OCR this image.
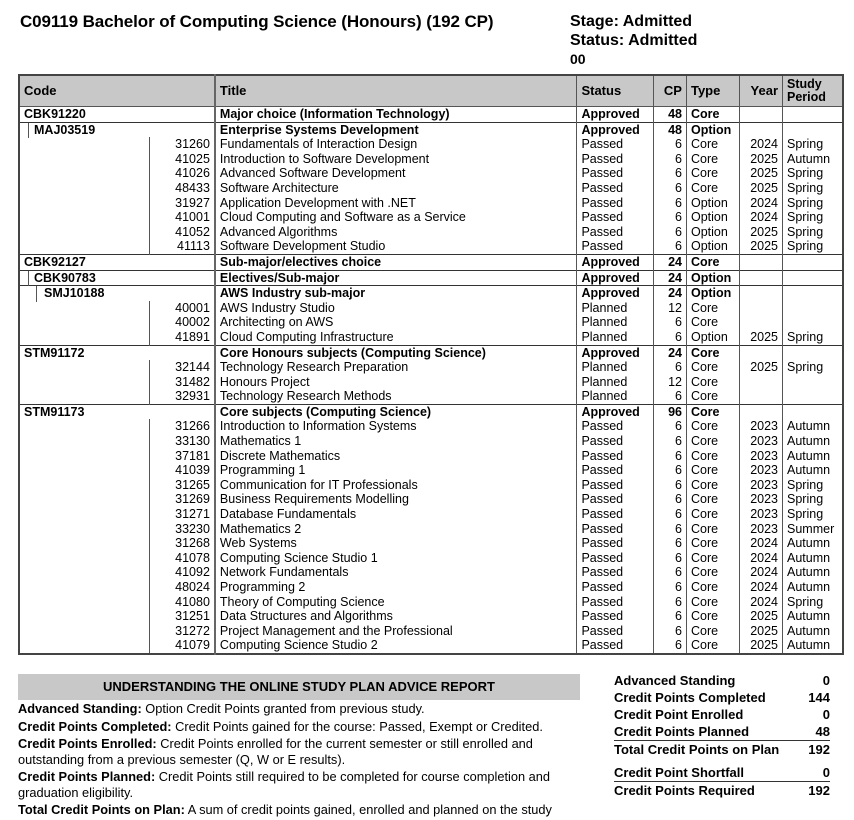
C09119 Bachelor of Computing Science (Honours) (192 CP)	Stage: Admitted
Status: Admitted
00
Code		Title	Status	CP	Type	Year	Study Period
CBK91220		Major choice (Information Technology)	Approved	48	Core		
MAJ03519		Enterprise Systems Development	Approved	48	Option		
	31260	Fundamentals of Interaction Design	Passed	6	Core	2024	Spring
	41025	Introduction to Software Development	Passed	6	Core	2025	Autumn
	41026	Advanced Software Development	Passed	6	Core	2025	Spring
	48433	Software Architecture	Passed	6	Core	2025	Spring
	31927	Application Development with .NET	Passed	6	Option	2024	Spring
	41001	Cloud Computing and Software as a Service	Passed	6	Option	2024	Spring
	41052	Advanced Algorithms	Passed	6	Option	2025	Spring
	41113	Software Development Studio	Passed	6	Option	2025	Spring
CBK92127		Sub-major/electives choice	Approved	24	Core		
CBK90783		Electives/Sub-major	Approved	24	Option		
SMJ10188		AWS Industry sub-major	Approved	24	Option		
	40001	AWS Industry Studio	Planned	12	Core		
	40002	Architecting on AWS	Planned	6	Core		
	41891	Cloud Computing Infrastructure	Planned	6	Option	2025	Spring
STM91172		Core Honours subjects (Computing Science)	Approved	24	Core		
	32144	Technology Research Preparation	Planned	6	Core	2025	Spring
	31482	Honours Project	Planned	12	Core		
	32931	Technology Research Methods	Planned	6	Core		
STM91173		Core subjects (Computing Science)	Approved	96	Core		
	31266	Introduction to Information Systems	Passed	6	Core	2023	Autumn
	33130	Mathematics 1	Passed	6	Core	2023	Autumn
	37181	Discrete Mathematics	Passed	6	Core	2023	Autumn
	41039	Programming 1	Passed	6	Core	2023	Autumn
	31265	Communication for IT Professionals	Passed	6	Core	2023	Spring
	31269	Business Requirements Modelling	Passed	6	Core	2023	Spring
	31271	Database Fundamentals	Passed	6	Core	2023	Spring
	33230	Mathematics 2	Passed	6	Core	2023	Summer
	31268	Web Systems	Passed	6	Core	2024	Autumn
	41078	Computing Science Studio 1	Passed	6	Core	2024	Autumn
	41092	Network Fundamentals	Passed	6	Core	2024	Autumn
	48024	Programming 2	Passed	6	Core	2024	Autumn
	41080	Theory of Computing Science	Passed	6	Core	2024	Spring
	31251	Data Structures and Algorithms	Passed	6	Core	2025	Autumn
	31272	Project Management and the Professional	Passed	6	Core	2025	Autumn
	41079	Computing Science Studio 2	Passed	6	Core	2025	Autumn
UNDERSTANDING THE ONLINE STUDY PLAN ADVICE REPORT

Advanced Standing: Option Credit Points granted from previous study.

Credit Points Completed: Credit Points gained for the course: Passed, Exempt or Credited.

Credit Points Enrolled: Credit Points enrolled for the current semester or still enrolled and outstanding from a previous semester (Q, W or E results).

Credit Points Planned: Credit Points still required to be completed for course completion and graduation eligibility.

Total Credit Points on Plan: A sum of credit points gained, enrolled and planned on the study

Advanced Standing	0
Credit Points Completed	144
Credit Point Enrolled	0
Credit Points Planned	48
Total Credit Points on Plan 192
Credit Point Shortfall	0
Credit Points Required	192
